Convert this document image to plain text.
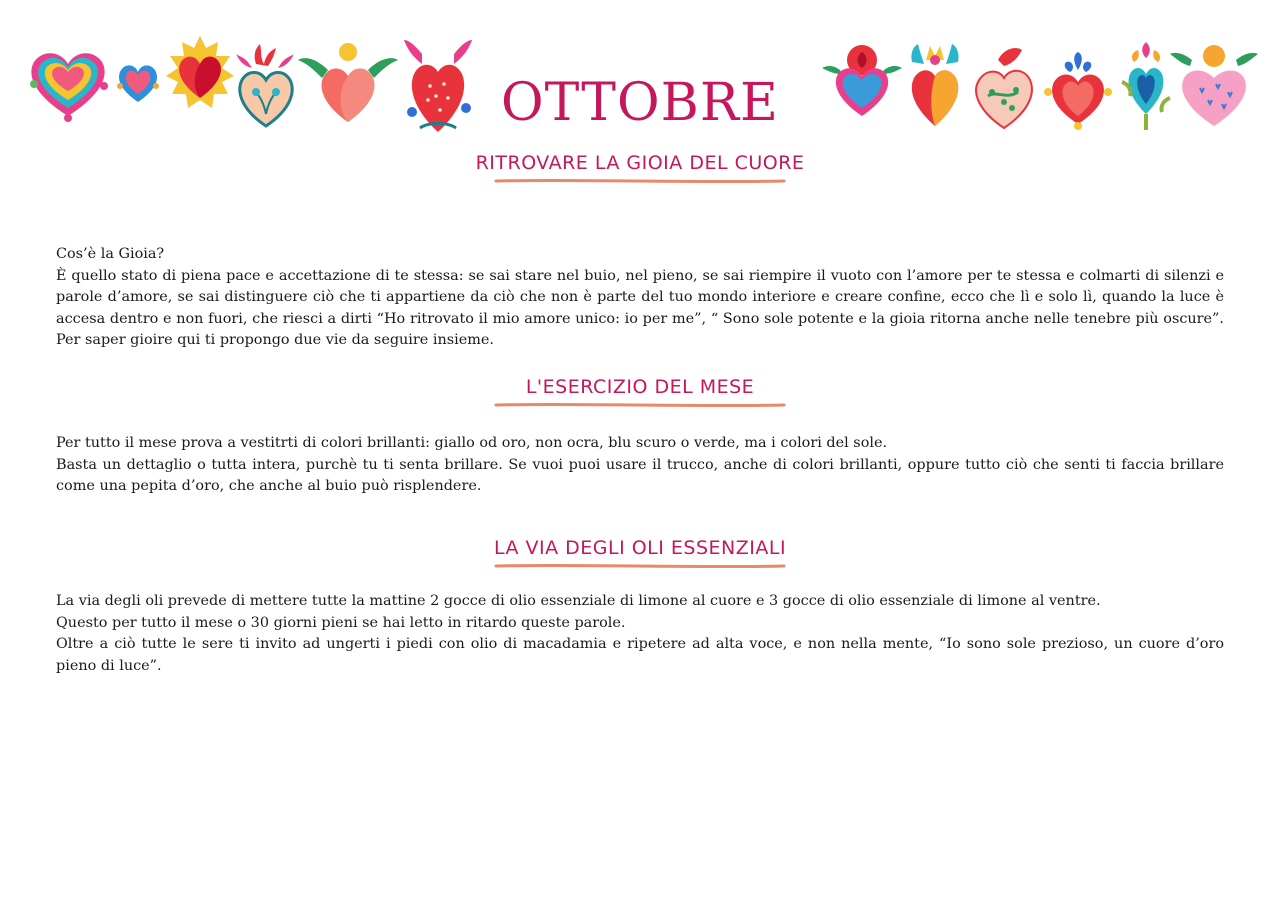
OTTOBRE
RITROVARE LA GIOIA DEL CUORE

Cos’è la Gioia?

È quello stato di piena pace e accettazione di te stessa: se sai stare nel buio, nel pieno, se sai riempire il vuoto con l’amore per te stessa e colmarti di silenzi e parole d’amore, se sai distinguere ciò che ti appartiene da ciò che non è parte del tuo mondo interiore e creare confine, ecco che lì e solo lì, quando la luce è accesa dentro e non fuori, che riesci a dirti “Ho ritrovato il mio amore unico: io per me”, “ Sono sole potente e la gioia ritorna anche nelle tenebre più oscure”. Per saper gioire qui ti propongo due vie da seguire insieme.

L'ESERCIZIO DEL MESE

Per tutto il mese prova a vestitrti di colori brillanti: giallo od oro, non ocra, blu scuro o verde, ma i colori del sole.

Basta un dettaglio o tutta intera, purchè tu ti senta brillare. Se vuoi puoi usare il trucco, anche di colori brillanti, oppure tutto ciò che senti ti faccia brillare come una pepita d’oro, che anche al buio può risplendere.

LA VIA DEGLI OLI ESSENZIALI

La via degli oli prevede di mettere tutte la mattine 2 gocce di olio essenziale di limone al cuore e 3 gocce di olio essenziale di limone al ventre.

Questo per tutto il mese o 30 giorni pieni se hai letto in ritardo queste parole.

Oltre a ciò tutte le sere ti invito ad ungerti i piedi con olio di macadamia e ripetere ad alta voce, e non nella mente, “Io sono sole prezioso, un cuore d’oro pieno di luce”.
